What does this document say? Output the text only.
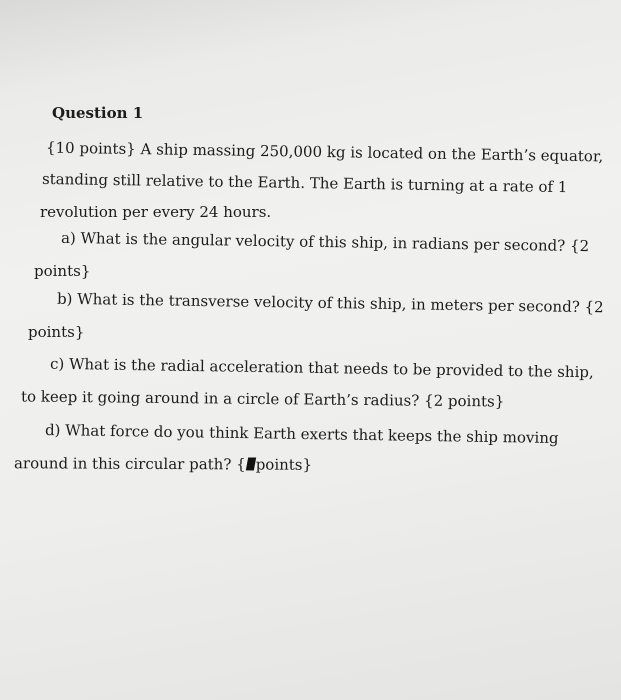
Question 1
{10 points} A ship massing 250,000 kg is located on the Earth’s equator,
standing still relative to the Earth. The Earth is turning at a rate of 1
revolution per every 24 hours.
a) What is the angular velocity of this ship, in radians per second? {2
points}
b) What is the transverse velocity of this ship, in meters per second? {2
points}
c) What is the radial acceleration that needs to be provided to the ship,
to keep it going around in a circle of Earth’s radius? {2 points}
d) What force do you think Earth exerts that keeps the ship moving
around in this circular path? { points}
